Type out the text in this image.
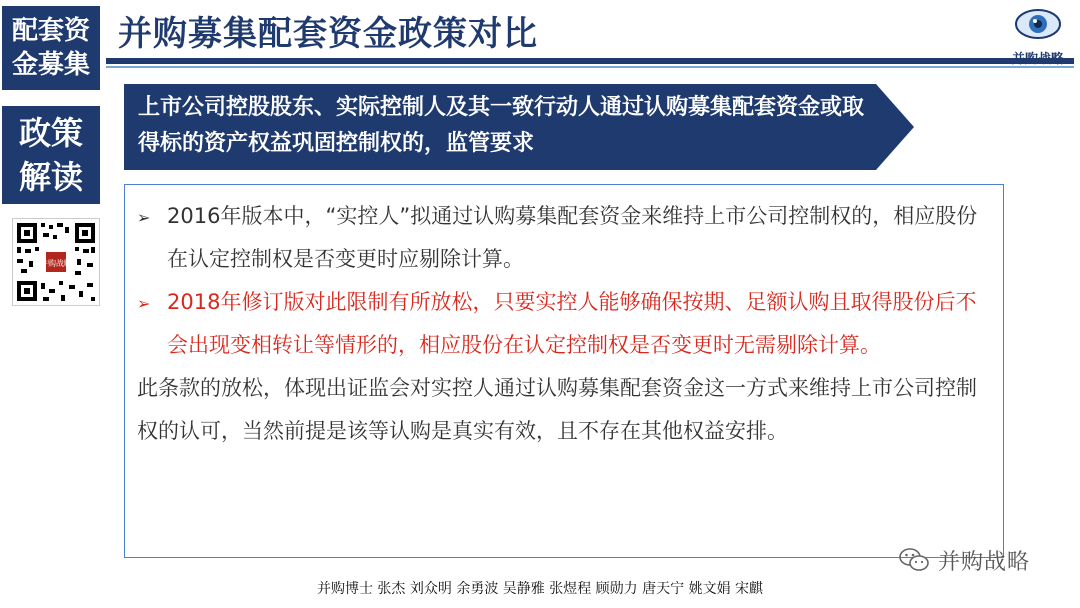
配套资
金募集
政策
解读
并购战略
并购募集配套资金政策对比
并购战略
上市公司控股股东、实际控制人及其一致行动人通过认购募集配套资金或取得标的资产权益巩固控制权的，监管要求
➢ 2016年版本中，“实控人”拟通过认购募集配套资金来维持上市公司控制权的，相应股份在认定控制权是否变更时应剔除计算。
➢ 2018年修订版对此限制有所放松，只要实控人能够确保按期、足额认购且取得股份后不会出现变相转让等情形的，相应股份在认定控制权是否变更时无需剔除计算。
此条款的放松，体现出证监会对实控人通过认购募集配套资金这一方式来维持上市公司控制权的认可，当然前提是该等认购是真实有效，且不存在其他权益安排。
并购战略
并购博士 张杰 刘众明 余勇波 吴静雅 张煜程 顾勋力 唐天宁 姚文娟 宋麒
